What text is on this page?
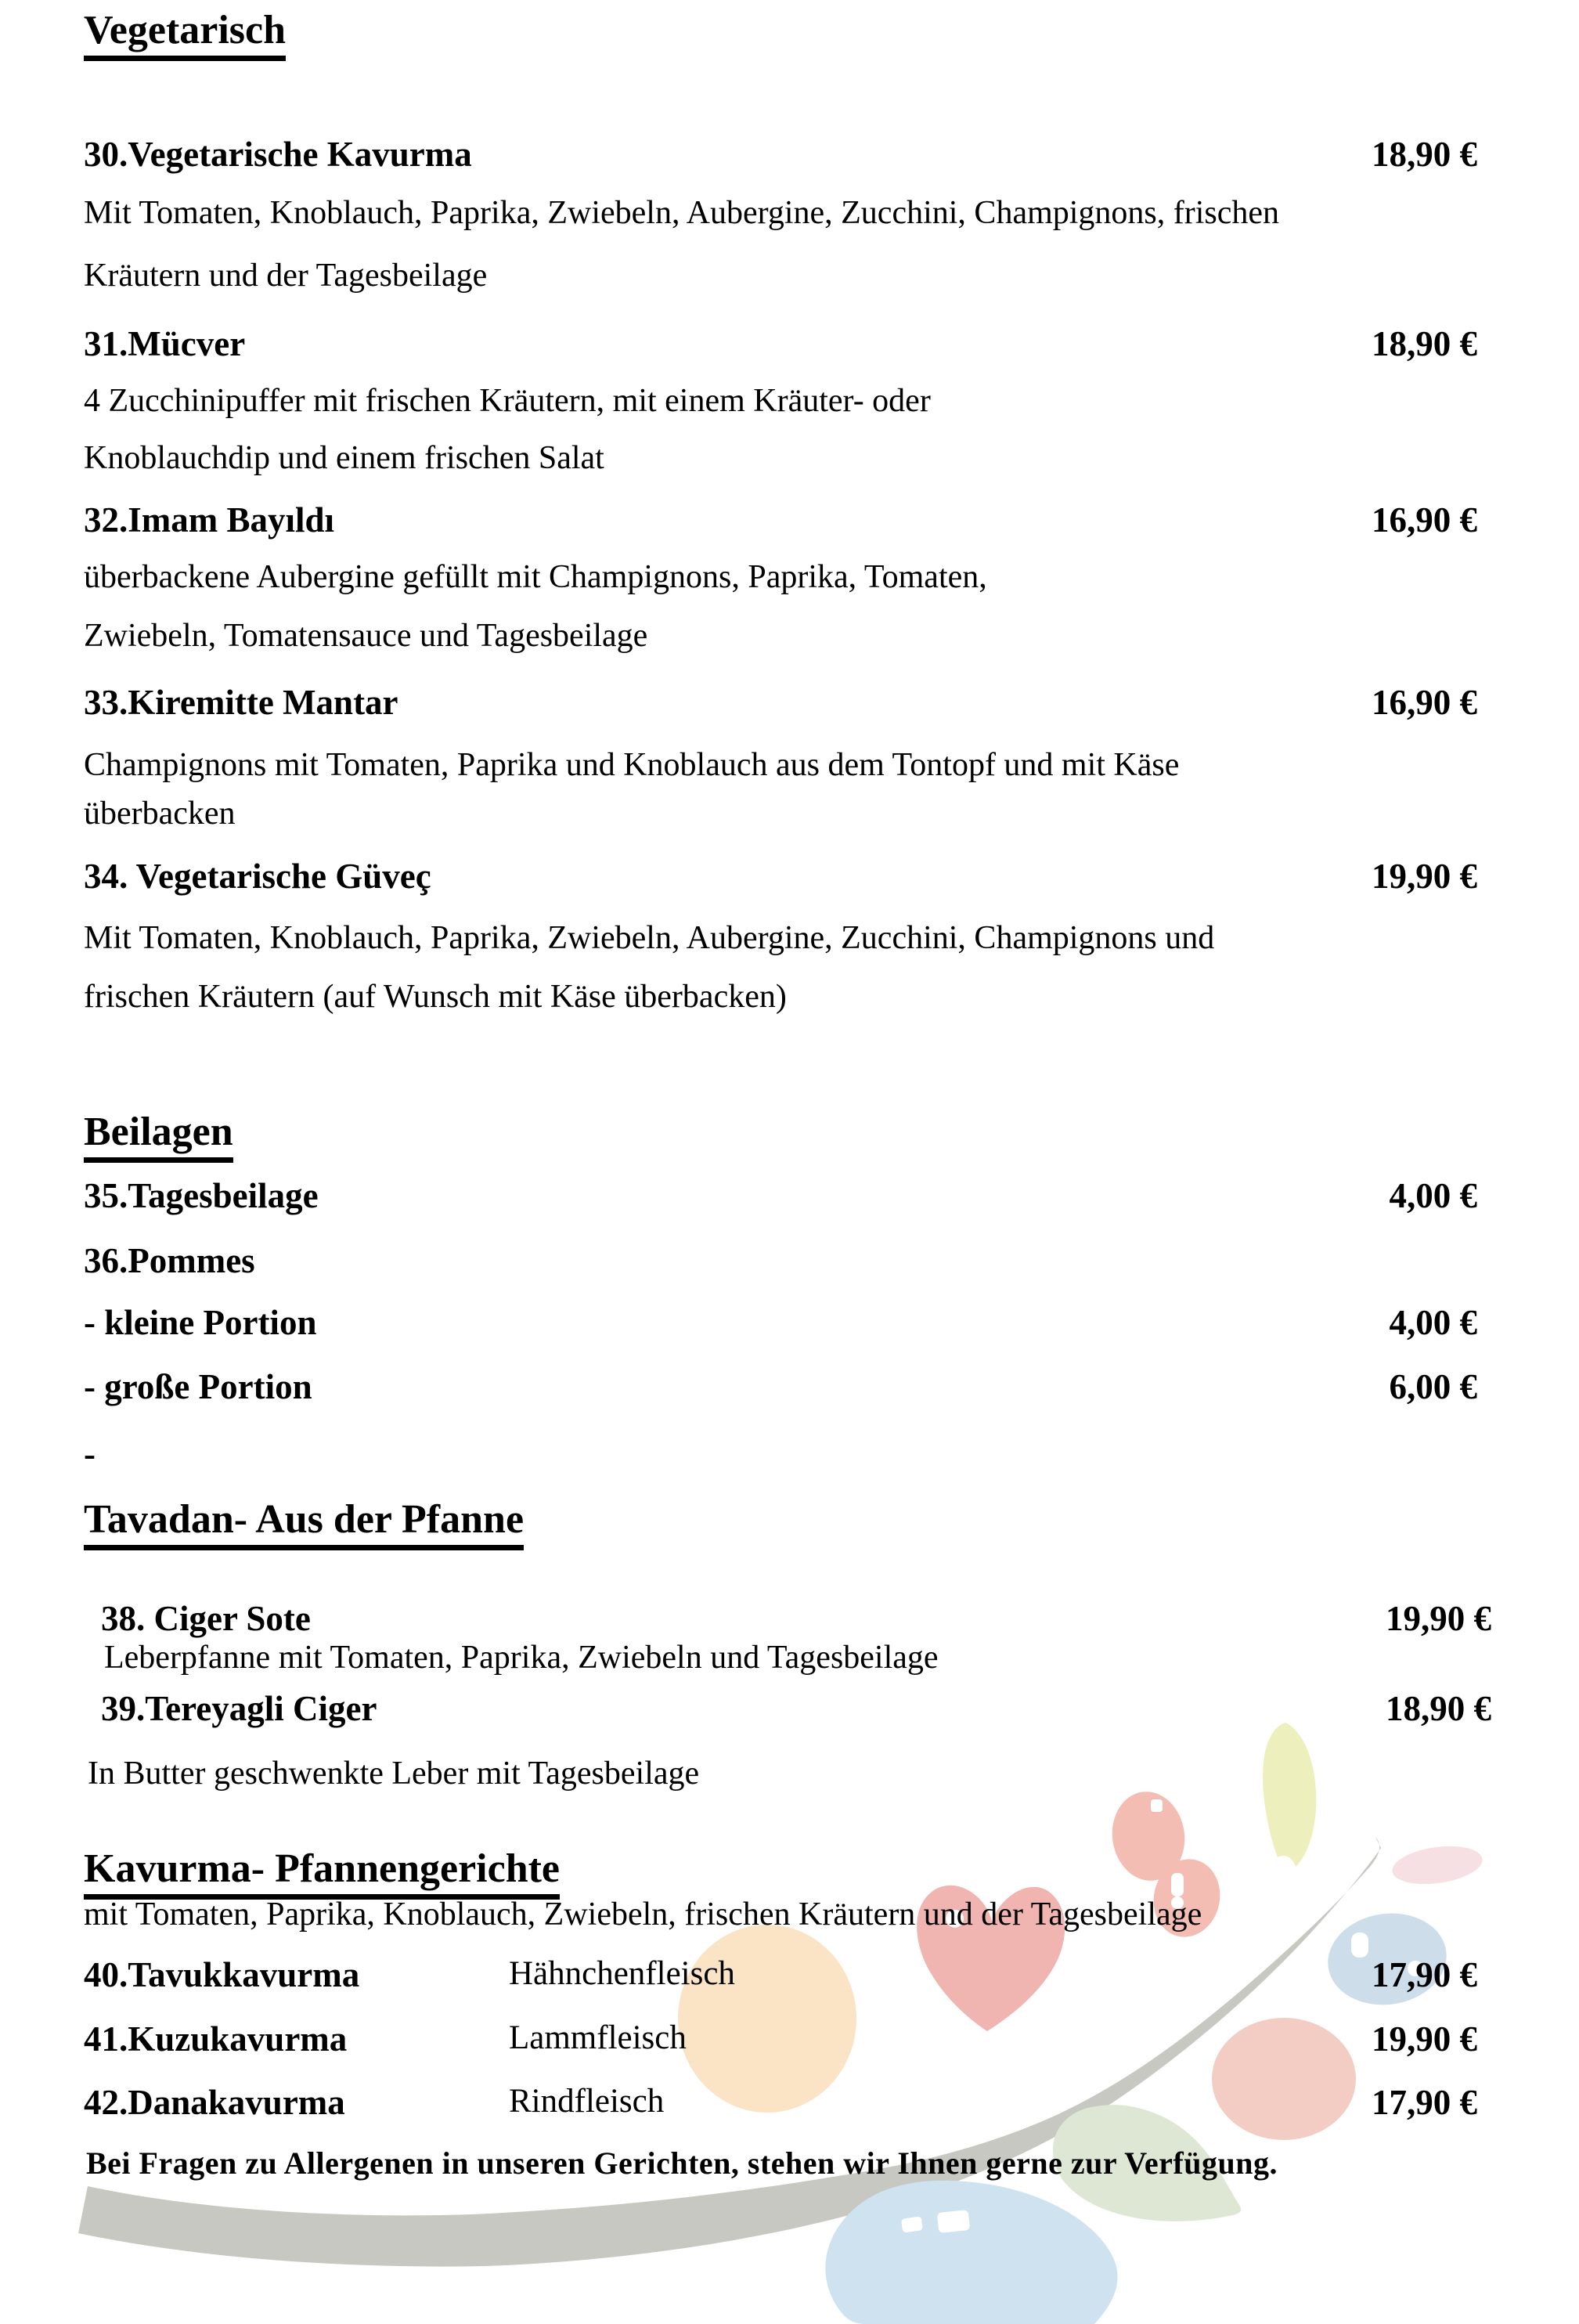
Vegetarisch
30.Vegetarische Kavurma	18,90 €
Mit Tomaten, Knoblauch, Paprika, Zwiebeln, Aubergine, Zucchini, Champignons, frischen
Kräutern und der Tagesbeilage
31.Mücver	18,90 €
4 Zucchinipuffer mit frischen Kräutern, mit einem Kräuter- oder
Knoblauchdip und einem frischen Salat
32.Imam Bayıldı	16,90 €
überbackene Aubergine gefüllt mit Champignons, Paprika, Tomaten,
Zwiebeln, Tomatensauce und Tagesbeilage
33.Kiremitte Mantar	16,90 €
Champignons mit Tomaten, Paprika und Knoblauch aus dem Tontopf und mit Käse
überbacken
34. Vegetarische Güveç	19,90 €
Mit Tomaten, Knoblauch, Paprika, Zwiebeln, Aubergine, Zucchini, Champignons und
frischen Kräutern (auf Wunsch mit Käse überbacken)
Beilagen
35.Tagesbeilage	4,00 €
36.Pommes
- kleine Portion	4,00 €
- große Portion	6,00 €
-
Tavadan- Aus der Pfanne
38. Ciger Sote	19,90 €
Leberpfanne mit Tomaten, Paprika, Zwiebeln und Tagesbeilage
39.Tereyagli Ciger	18,90 €
In Butter geschwenkte Leber mit Tagesbeilage
Kavurma- Pfannengerichte
mit Tomaten, Paprika, Knoblauch, Zwiebeln, frischen Kräutern und der Tagesbeilage
40.Tavukkavurma	Hähnchenfleisch	17,90 €
41.Kuzukavurma	Lammfleisch	19,90 €
42.Danakavurma	Rindfleisch	17,90 €
Bei Fragen zu Allergenen in unseren Gerichten, stehen wir Ihnen gerne zur Verfügung.
